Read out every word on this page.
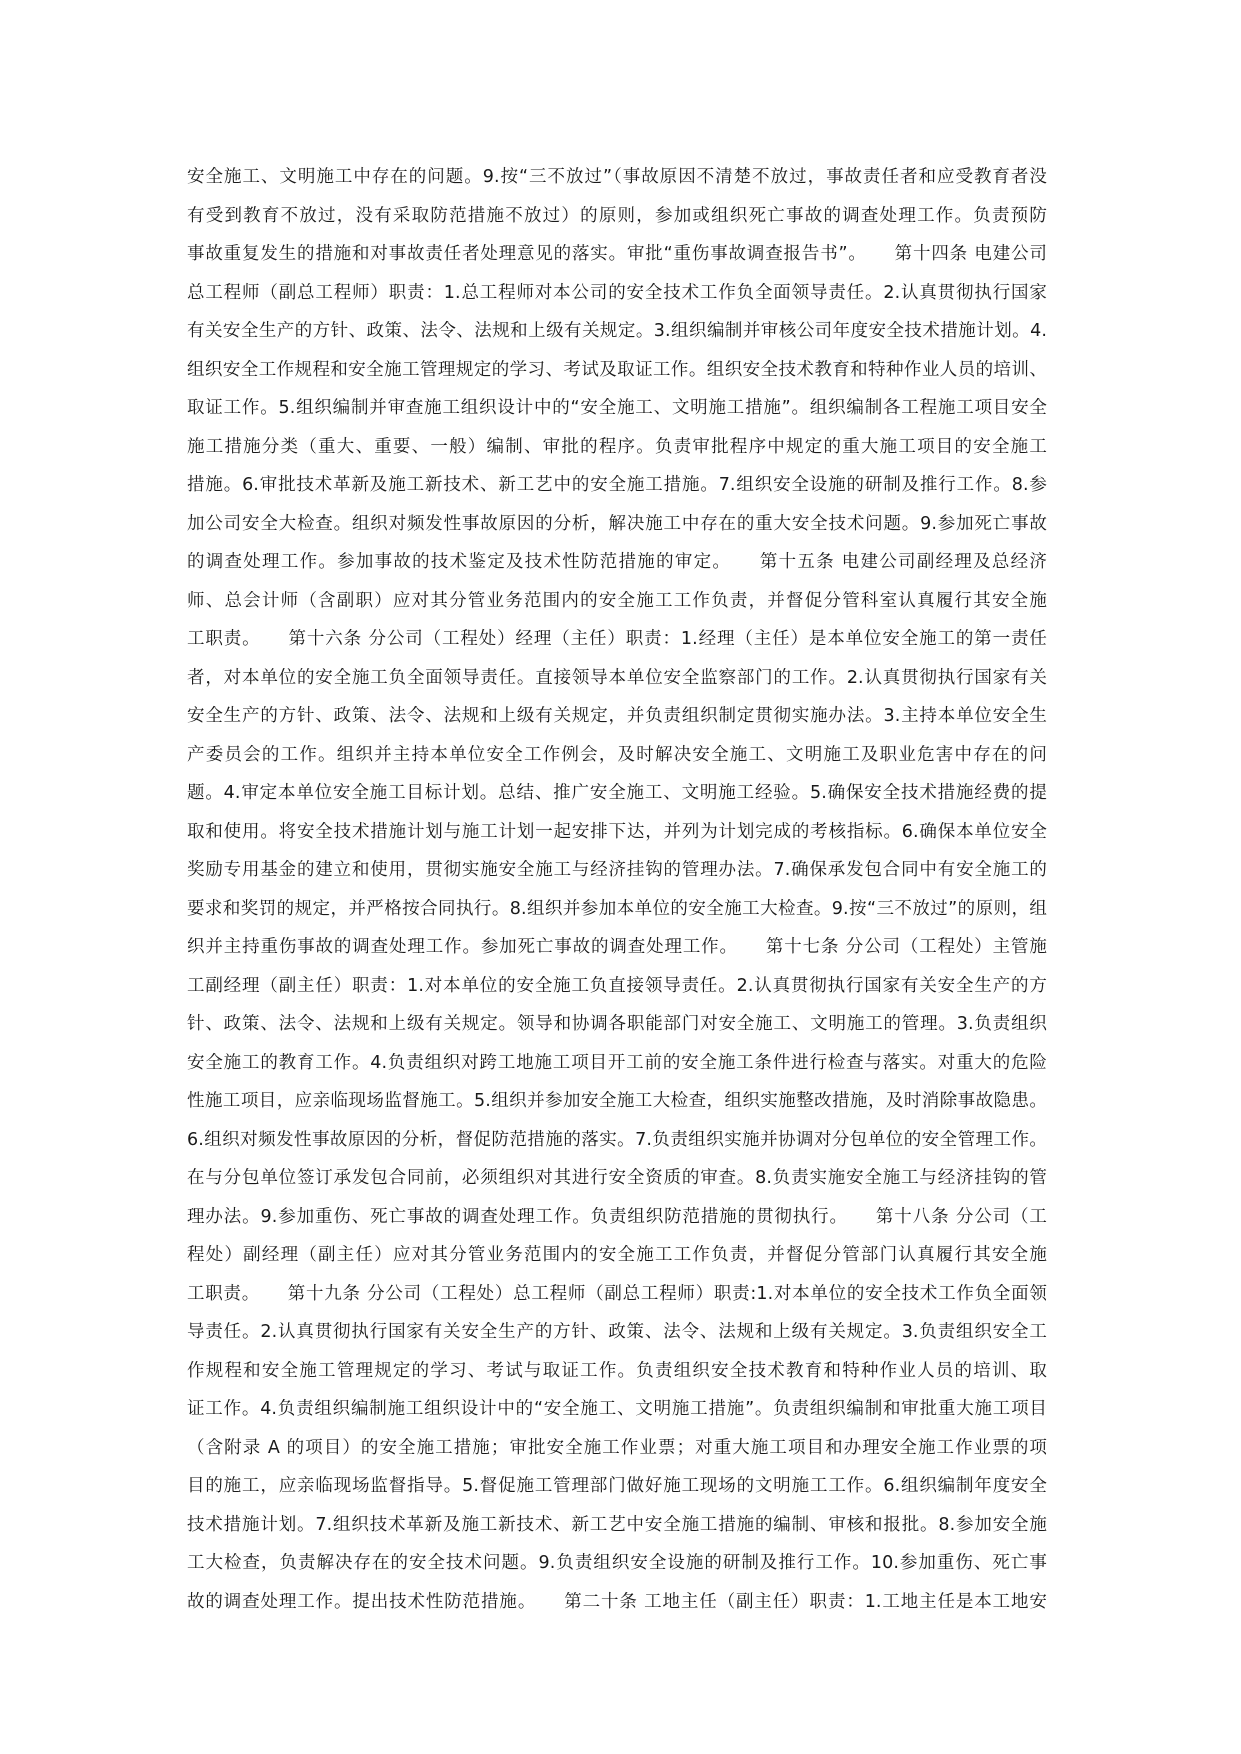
安全施工、文明施工中存在的问题。9.按“三不放过”（事故原因不清楚不放过，事故责任者和应受教育者没
有受到教育不放过，没有采取防范措施不放过）的原则，参加或组织死亡事故的调查处理工作。负责预防
事故重复发生的措施和对事故责任者处理意见的落实。审批“重伤事故调查报告书”。　　第十四条 电建公司
总工程师（副总工程师）职责：1.总工程师对本公司的安全技术工作负全面领导责任。2.认真贯彻执行国家
有关安全生产的方针、政策、法令、法规和上级有关规定。3.组织编制并审核公司年度安全技术措施计划。4.
组织安全工作规程和安全施工管理规定的学习、考试及取证工作。组织安全技术教育和特种作业人员的培训、
取证工作。5.组织编制并审查施工组织设计中的“安全施工、文明施工措施”。组织编制各工程施工项目安全
施工措施分类（重大、重要、一般）编制、审批的程序。负责审批程序中规定的重大施工项目的安全施工
措施。6.审批技术革新及施工新技术、新工艺中的安全施工措施。7.组织安全设施的研制及推行工作。8.参
加公司安全大检查。组织对频发性事故原因的分析，解决施工中存在的重大安全技术问题。9.参加死亡事故
的调查处理工作。参加事故的技术鉴定及技术性防范措施的审定。　　第十五条 电建公司副经理及总经济
师、总会计师（含副职）应对其分管业务范围内的安全施工工作负责，并督促分管科室认真履行其安全施
工职责。　　第十六条 分公司（工程处）经理（主任）职责：1.经理（主任）是本单位安全施工的第一责任
者，对本单位的安全施工负全面领导责任。直接领导本单位安全监察部门的工作。2.认真贯彻执行国家有关
安全生产的方针、政策、法令、法规和上级有关规定，并负责组织制定贯彻实施办法。3.主持本单位安全生
产委员会的工作。组织并主持本单位安全工作例会，及时解决安全施工、文明施工及职业危害中存在的问
题。4.审定本单位安全施工目标计划。总结、推广安全施工、文明施工经验。5.确保安全技术措施经费的提
取和使用。将安全技术措施计划与施工计划一起安排下达，并列为计划完成的考核指标。6.确保本单位安全
奖励专用基金的建立和使用，贯彻实施安全施工与经济挂钩的管理办法。7.确保承发包合同中有安全施工的
要求和奖罚的规定，并严格按合同执行。8.组织并参加本单位的安全施工大检查。9.按“三不放过”的原则，组
织并主持重伤事故的调查处理工作。参加死亡事故的调查处理工作。　　第十七条 分公司（工程处）主管施
工副经理（副主任）职责：1.对本单位的安全施工负直接领导责任。2.认真贯彻执行国家有关安全生产的方
针、政策、法令、法规和上级有关规定。领导和协调各职能部门对安全施工、文明施工的管理。3.负责组织
安全施工的教育工作。4.负责组织对跨工地施工项目开工前的安全施工条件进行检查与落实。对重大的危险
性施工项目，应亲临现场监督施工。5.组织并参加安全施工大检查，组织实施整改措施，及时消除事故隐患。
6.组织对频发性事故原因的分析，督促防范措施的落实。7.负责组织实施并协调对分包单位的安全管理工作。
在与分包单位签订承发包合同前，必须组织对其进行安全资质的审查。8.负责实施安全施工与经济挂钩的管
理办法。9.参加重伤、死亡事故的调查处理工作。负责组织防范措施的贯彻执行。　　第十八条 分公司（工
程处）副经理（副主任）应对其分管业务范围内的安全施工工作负责，并督促分管部门认真履行其安全施
工职责。　　第十九条 分公司（工程处）总工程师（副总工程师）职责:1.对本单位的安全技术工作负全面领
导责任。2.认真贯彻执行国家有关安全生产的方针、政策、法令、法规和上级有关规定。3.负责组织安全工
作规程和安全施工管理规定的学习、考试与取证工作。负责组织安全技术教育和特种作业人员的培训、取
证工作。4.负责组织编制施工组织设计中的“安全施工、文明施工措施”。负责组织编制和审批重大施工项目
（含附录 A 的项目）的安全施工措施；审批安全施工作业票；对重大施工项目和办理安全施工作业票的项
目的施工，应亲临现场监督指导。5.督促施工管理部门做好施工现场的文明施工工作。6.组织编制年度安全
技术措施计划。7.组织技术革新及施工新技术、新工艺中安全施工措施的编制、审核和报批。8.参加安全施
工大检查，负责解决存在的安全技术问题。9.负责组织安全设施的研制及推行工作。10.参加重伤、死亡事
故的调查处理工作。提出技术性防范措施。　　第二十条 工地主任（副主任）职责：1.工地主任是本工地安
